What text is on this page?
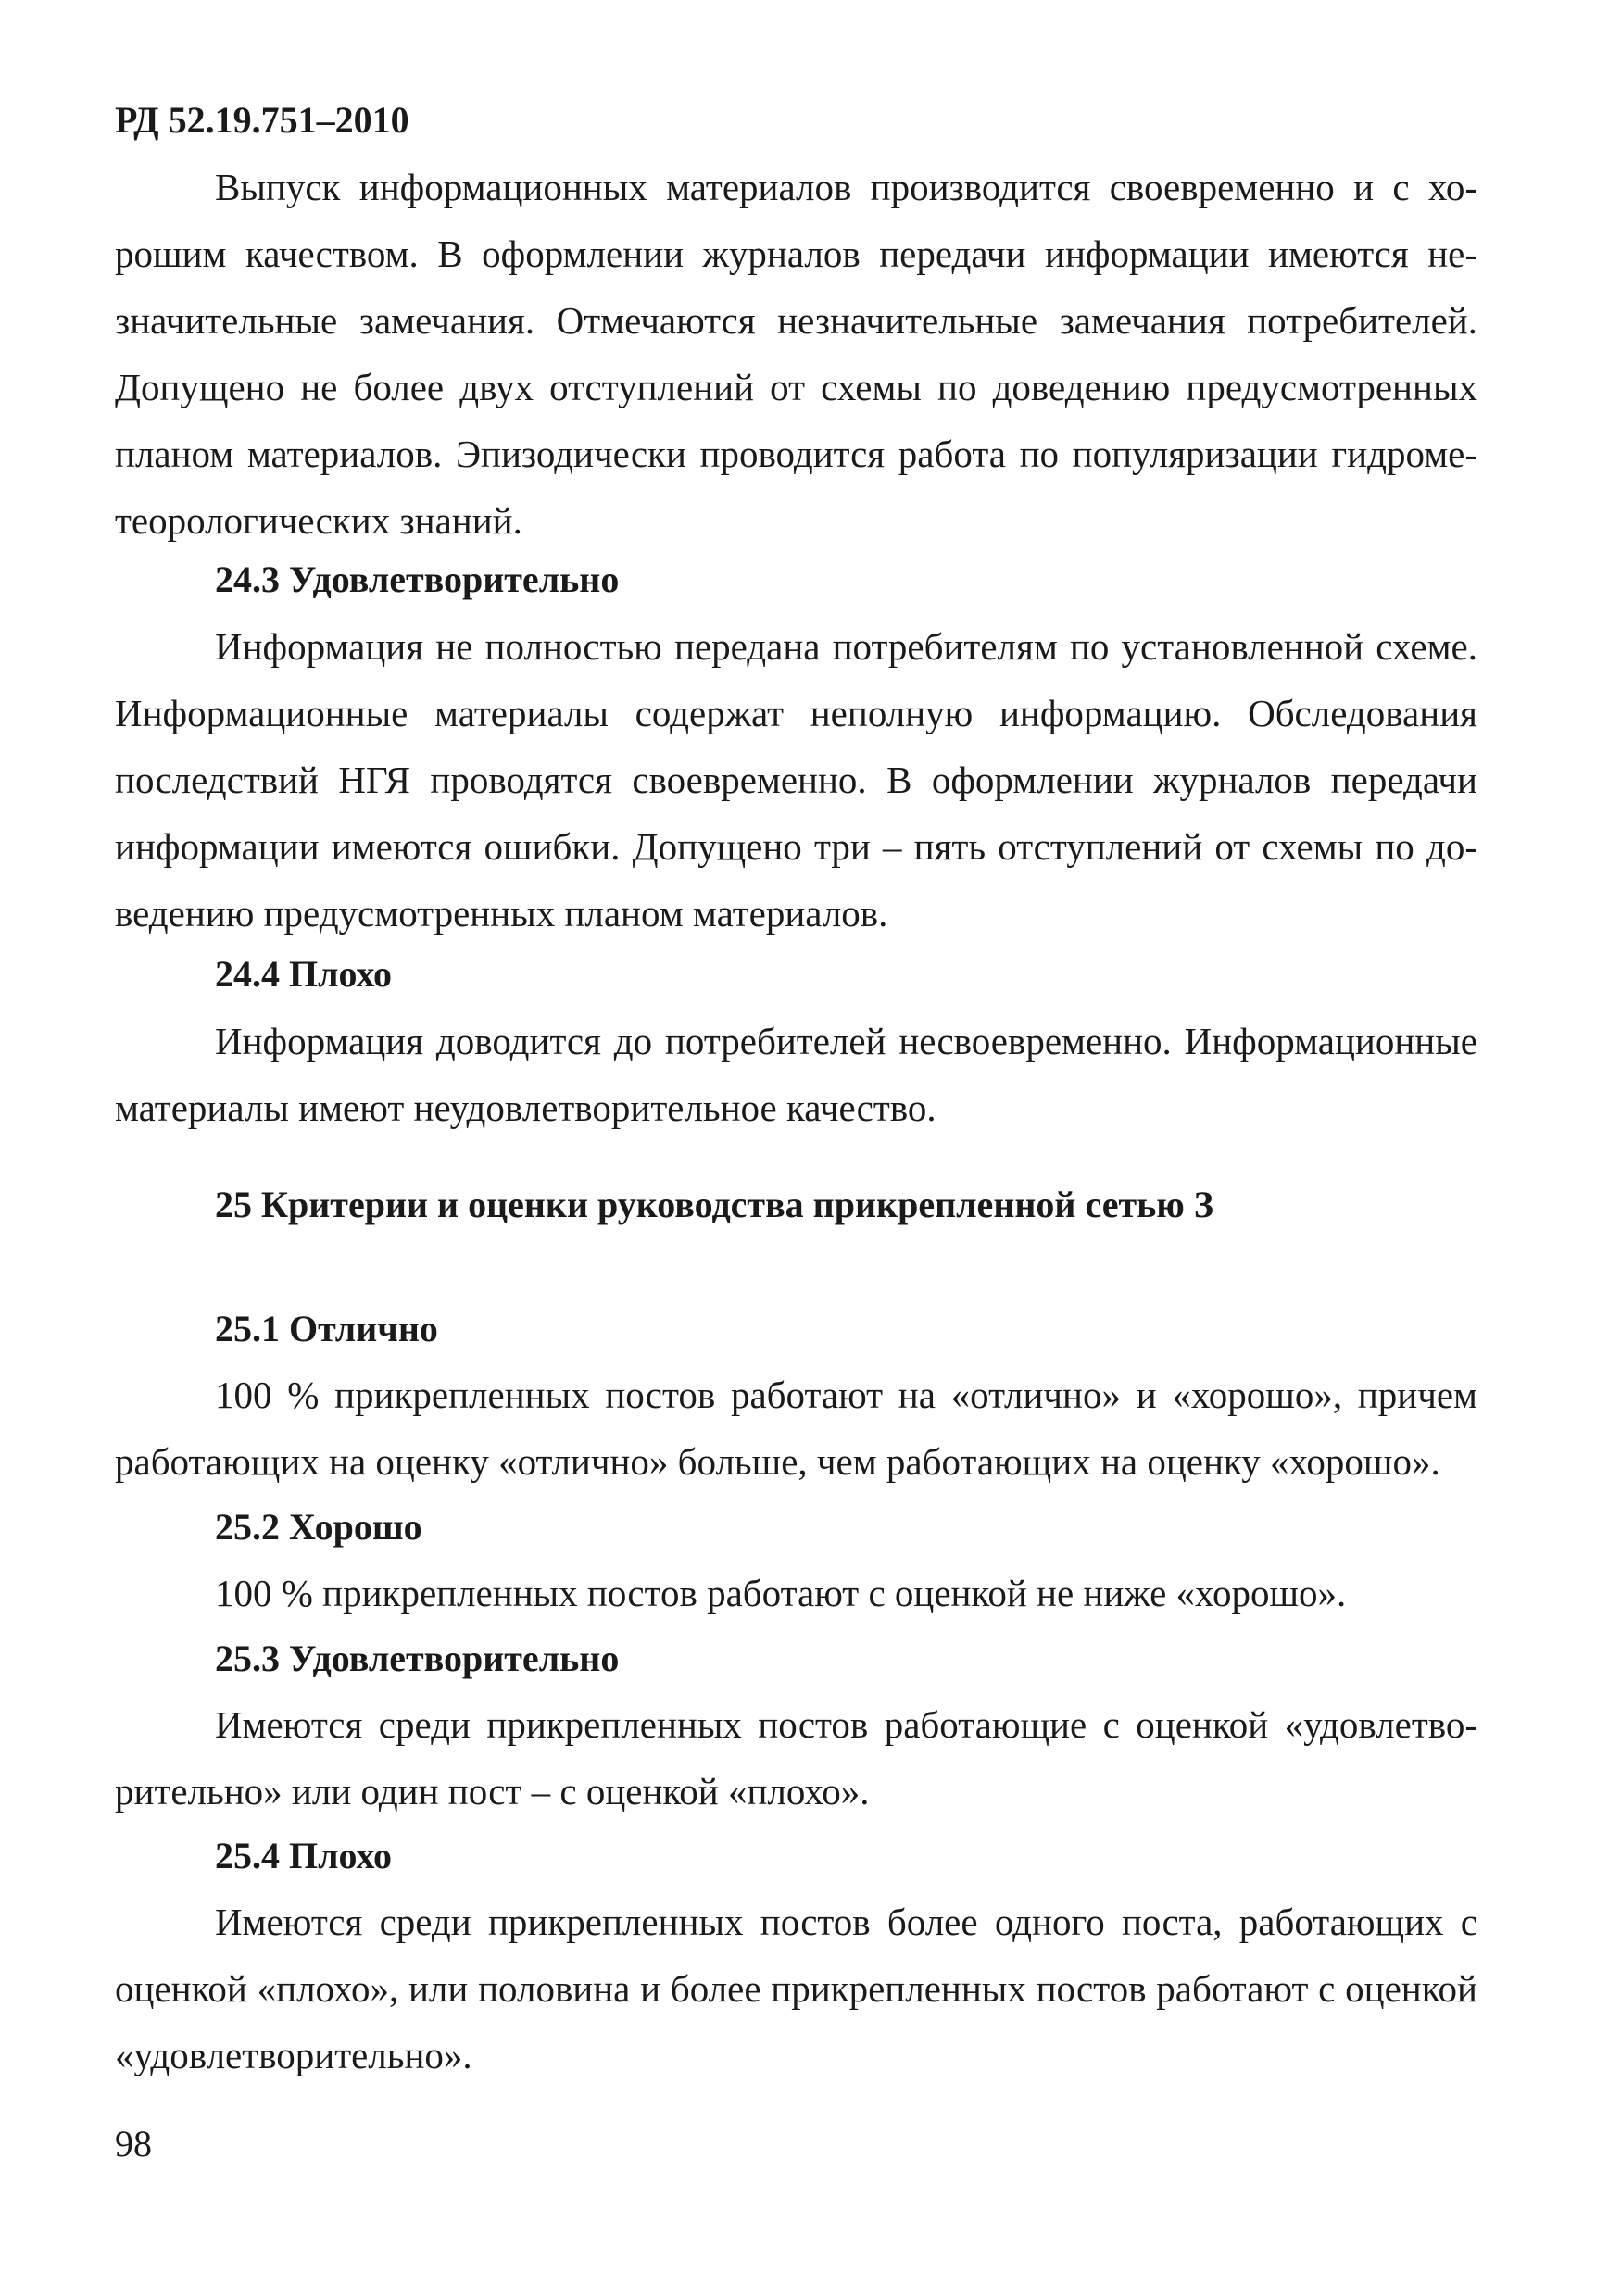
РД 52.19.751–2010

Выпуск информационных материалов производится своевременно и с хорошим качеством. В оформлении журналов передачи информации имеются незначительные замечания. Отмечаются незначительные замечания потребителей. Допущено не более двух отступлений от схемы по доведению предусмотренных планом материалов. Эпизодически проводится работа по популяризации гидрометеорологических знаний.

24.3 Удовлетворительно

Информация не полностью передана потребителям по установленной схеме. Информационные материалы содержат неполную информацию. Обследования последствий НГЯ проводятся своевременно. В оформлении журналов передачи информации имеются ошибки. Допущено три – пять отступлений от схемы по доведению предусмотренных планом материалов.

24.4 Плохо

Информация доводится до потребителей несвоевременно. Информационные материалы имеют неудовлетворительное качество.

25 Критерии и оценки руководства прикрепленной сетью З

25.1 Отлично

100 % прикрепленных постов работают на «отлично» и «хорошо», причем работающих на оценку «отлично» больше, чем работающих на оценку «хорошо».

25.2 Хорошо

100 % прикрепленных постов работают с оценкой не ниже «хорошо».

25.3 Удовлетворительно

Имеются среди прикрепленных постов работающие с оценкой «удовлетворительно» или один пост – с оценкой «плохо».

25.4 Плохо

Имеются среди прикрепленных постов более одного поста, работающих с оценкой «плохо», или половина и более прикрепленных постов работают с оценкой «удовлетворительно».

98
